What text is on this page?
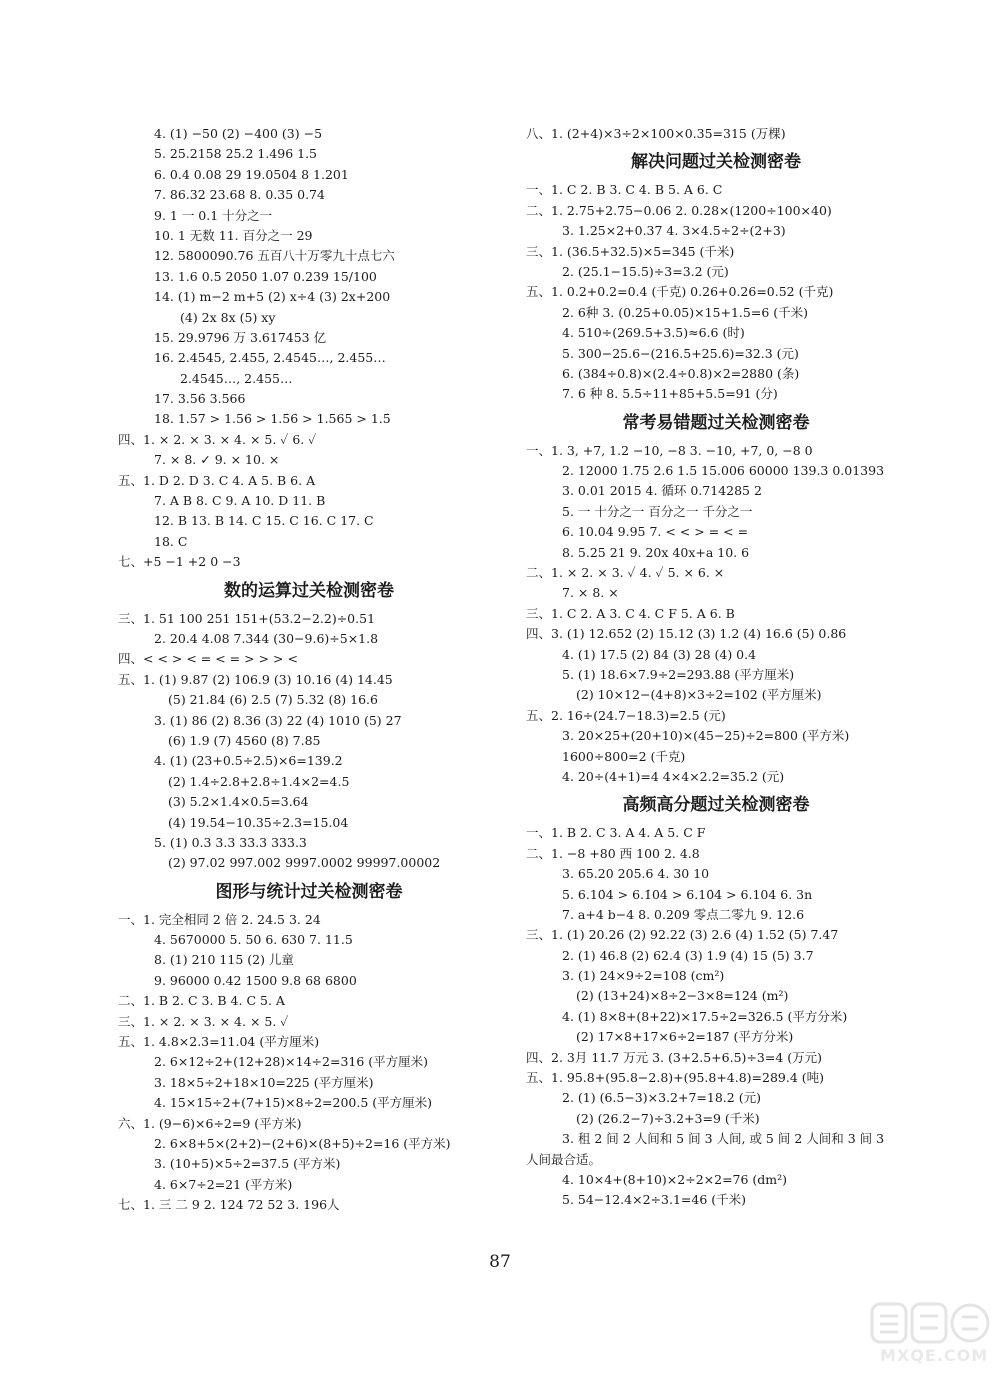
4. (1) −50 (2) −400 (3) −5
5. 25.2158 25.2 1.496 1.5
6. 0.4 0.08 29 19.0504 8 1.201
7. 86.32 23.68 8. 0.35 0.74
9. 1 一 0.1 十分之一
10. 1 无数 11. 百分之一 29
12. 5800090.76 五百八十万零九十点七六
13. 1.6 0.5 2050 1.07 0.239 15/100
14. (1) m−2 m+5 (2) x÷4 (3) 2x+200
(4) 2x 8x (5) xy
15. 29.9796 万 3.617453 亿
16. 2.4545, 2.455, 2.4545…, 2.455…
2.4545…, 2.455…
17. 3.56̇ 3.566
18. 1.57 > 1.56̇ > 1.5̇6̇ > 1.565 > 1.5̇
四、1. × 2. × 3. × 4. × 5. ✓ 6. ✓
7. × 8. ✓ 9. × 10. ×
五、1. D 2. D 3. C 4. A 5. B 6. A
7. A B 8. C 9. A 10. D 11. B
12. B 13. B 14. C 15. C 16. C 17. C
18. C
七、+5 −1 +2 0 −3
数的运算过关检测密卷
三、1. 51 100 251 151+(53.2−2.2)÷0.51
2. 20.4 4.08 7.344 (30−9.6)÷5×1.8
四、< < > < = < = > > > <
五、1. (1) 9.87 (2) 106.9 (3) 10.16 (4) 14.45
(5) 21.84 (6) 2.5 (7) 5.32 (8) 16.6̇
3. (1) 86 (2) 8.36 (3) 22 (4) 1010 (5) 27
(6) 1.9 (7) 4560 (8) 7.85
4. (1) (23+0.5÷2.5)×6=139.2
(2) 1.4÷2.8+2.8÷1.4×2=4.5
(3) 5.2×1.4×0.5=3.64
(4) 19.54−10.35÷2.3=15.04
5. (1) 0.3 3.3 33.3 333.3
(2) 97.02 997.002 9997.0002 99997.00002
图形与统计过关检测密卷
一、1. 完全相同 2 倍 2. 24.5 3. 24
4. 5670000 5. 50 6. 630 7. 11.5
8. (1) 210 115 (2) 儿童
9. 96000 0.42 1500 9.8 68 6800
二、1. B 2. C 3. B 4. C 5. A
三、1. × 2. × 3. × 4. × 5. ✓
五、1. 4.8×2.3=11.04 (平方厘米)
2. 6×12÷2+(12+28)×14÷2=316 (平方厘米)
3. 18×5÷2+18×10=225 (平方厘米)
4. 15×15÷2+(7+15)×8÷2=200.5 (平方厘米)
六、1. (9−6)×6÷2=9 (平方米)
2. 6×8+5×(2+2)−(2+6)×(8+5)÷2=16 (平方米)
3. (10+5)×5÷2=37.5 (平方米)
4. 6×7÷2=21 (平方米)
七、1. 三 二 9 2. 124 72 52 3. 196人
八、1. (2+4)×3÷2×100×0.35=315 (万棵)
解决问题过关检测密卷
一、1. C 2. B 3. C 4. B 5. A 6. C
二、1. 2.75+2.75−0.06 2. 0.28×(1200÷100×40)
3. 1.25×2+0.37 4. 3×4.5÷2÷(2+3)
三、1. (36.5+32.5)×5=345 (千米)
2. (25.1−15.5)÷3=3.2 (元)
五、1. 0.2+0.2=0.4 (千克) 0.26+0.26=0.52 (千克)
2. 6种 3. (0.25+0.05)×15+1.5=6 (千米)
4. 510÷(269.5+3.5)≈6.6 (时)
5. 300−25.6−(216.5+25.6)=32.3 (元)
6. (384÷0.8)×(2.4÷0.8)×2=2880 (条)
7. 6 种 8. 5.5÷11+85+5.5=91 (分)
常考易错题过关检测密卷
一、1. 3, +7, 1.2 −10, −8 3. −10, +7, 0, −8 0
2. 12000 1.75 2.6 1.5 15.006 60000 139.3 0.01393
3. 0.01 2015 4. 循环 0.714285̇ 2
5. 一 十分之一 百分之一 千分之一
6. 10.04 9.95 7. < < > = < =
8. 5.25 21 9. 20x 40x+a 10. 6
二、1. × 2. × 3. ✓ 4. ✓ 5. × 6. ×
7. × 8. ×
三、1. C 2. A 3. C 4. C F 5. A 6. B
四、3. (1) 12.652 (2) 15.12 (3) 1.2 (4) 16.6̇ (5) 0.86
4. (1) 17.5 (2) 84 (3) 28 (4) 0.4
5. (1) 18.6×7.9÷2=293.88 (平方厘米)
(2) 10×12−(4+8)×3÷2=102 (平方厘米)
五、2. 16÷(24.7−18.3)=2.5 (元)
3. 20×25+(20+10)×(45−25)÷2=800 (平方米)
1600÷800=2 (千克)
4. 20÷(4+1)=4 4×4×2.2=35.2 (元)
高频高分题过关检测密卷
一、1. B 2. C 3. A 4. A 5. C F
二、1. −8 +80 西 100 2. 4.8
3. 65.20 205.6 4. 30 10
5. 6.10̇4 > 6.1̇04̇ > 6.10̇4̇ > 6.104 6. 3n
7. a+4 b−4 8. 0.209 零点二零九 9. 12.6
三、1. (1) 20.26 (2) 92.22 (3) 2.6 (4) 1.52 (5) 7.47
2. (1) 46.8 (2) 62.4 (3) 1.9 (4) 15 (5) 3.7
3. (1) 24×9÷2=108 (cm²)
(2) (13+24)×8÷2−3×8=124 (m²)
4. (1) 8×8+(8+22)×17.5÷2=326.5 (平方分米)
(2) 17×8+17×6÷2=187 (平方分米)
四、2. 3月 11.7 万元 3. (3+2.5+6.5)÷3=4 (万元)
五、1. 95.8+(95.8−2.8)+(95.8+4.8)=289.4 (吨)
2. (1) (6.5−3)×3.2+7=18.2 (元)
(2) (26.2−7)÷3.2+3=9 (千米)
3. 租 2 间 2 人间和 5 间 3 人间, 或 5 间 2 人间和 3 间 3
人间最合适。
4. 10×4+(8+10)×2÷2×2=76 (dm²)
5. 54−12.4×2÷3.1=46 (千米)
87
MXQE.COM
